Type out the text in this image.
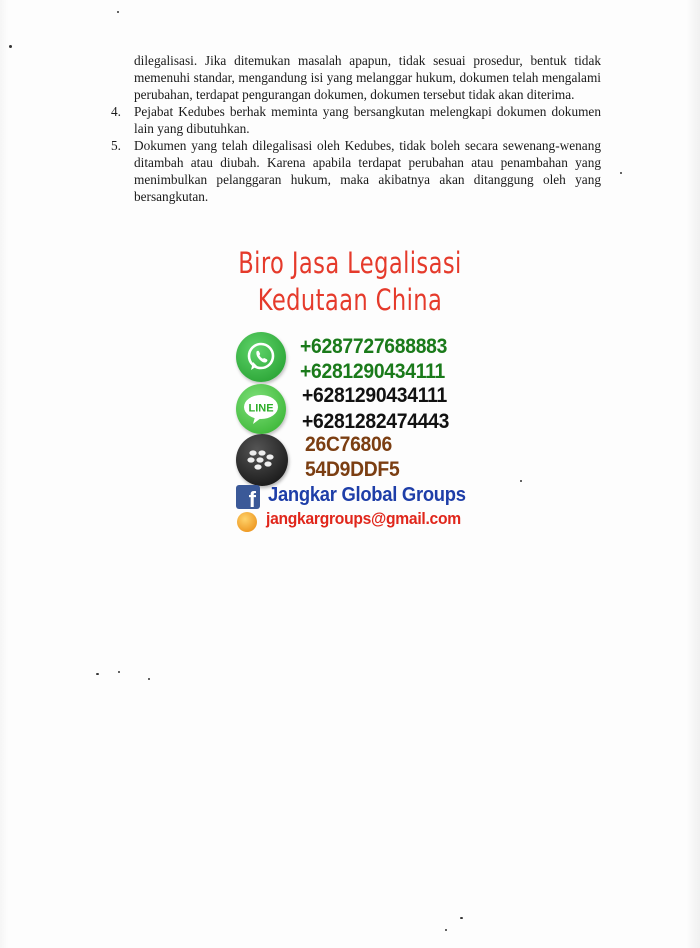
dilegalisasi. Jika ditemukan masalah apapun, tidak sesuai prosedur, bentuk tidak memenuhi standar, mengandung isi yang melanggar hukum, dokumen telah mengalami perubahan, terdapat pengurangan dokumen, dokumen tersebut tidak akan diterima.

4. Pejabat Kedubes berhak meminta yang bersangkutan melengkapi dokumen dokumen lain yang dibutuhkan.

5. Dokumen yang telah dilegalisasi oleh Kedubes, tidak boleh secara sewenang-wenang ditambah atau diubah. Karena apabila terdapat perubahan atau penambahan yang menimbulkan pelanggaran hukum, maka akibatnya akan ditanggung oleh yang bersangkutan.

Biro Jasa Legalisasi
Kedutaan China
+6287727688883
+6281290434111
LINE
+6281290434111
+6281282474443
26C76806
54D9DDF5
f Jangkar Global Groups
jangkargroups@gmail.com
